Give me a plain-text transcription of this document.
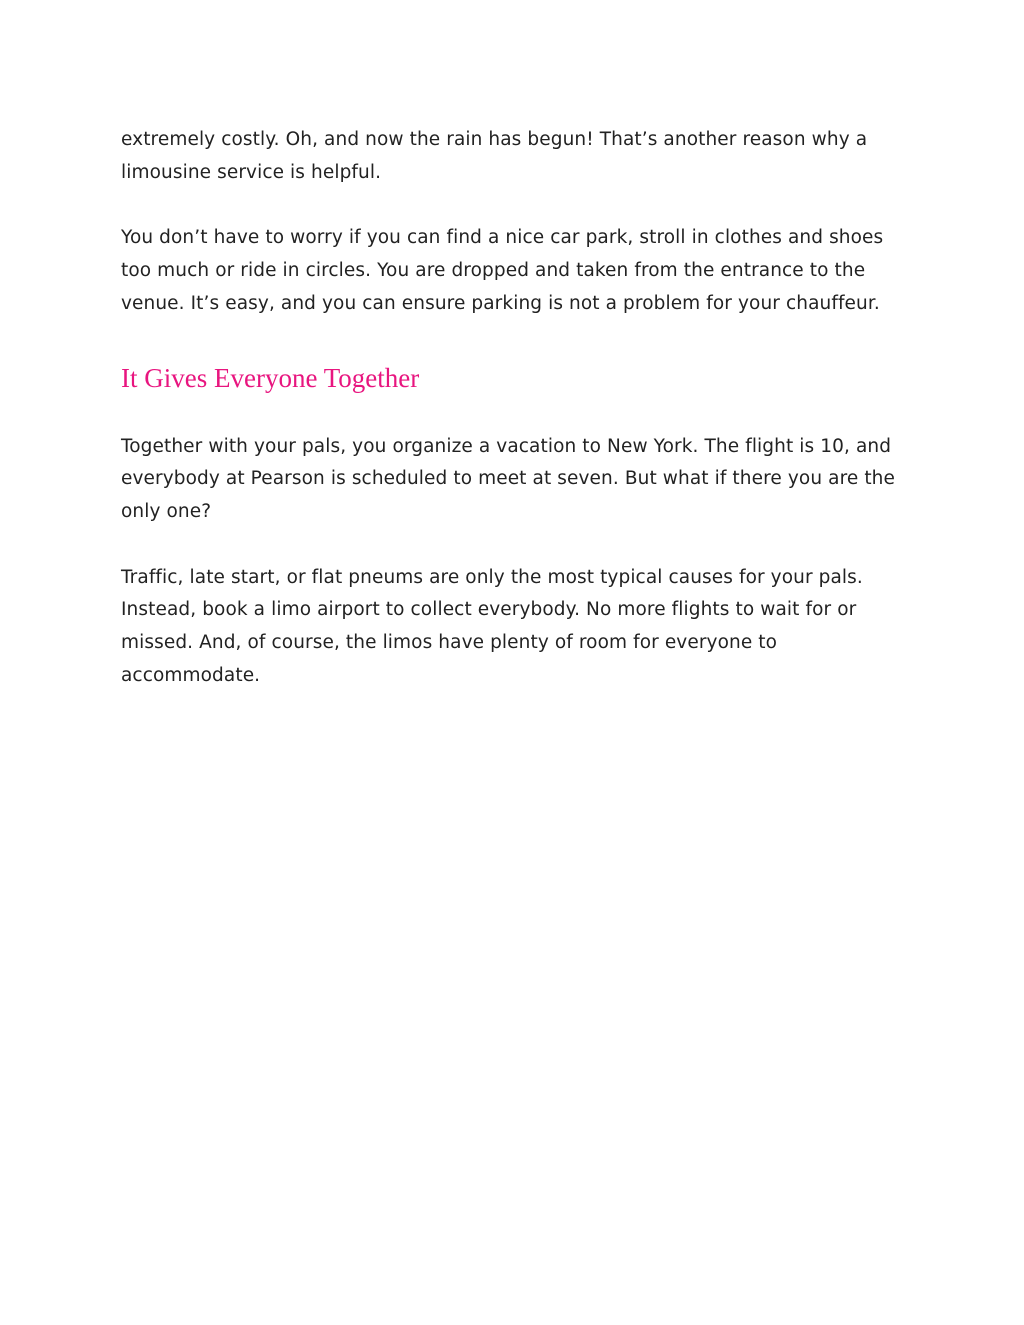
extremely costly. Oh, and now the rain has begun! That’s another reason why a limousine service is helpful.

You don’t have to worry if you can find a nice car park, stroll in clothes and shoes too much or ride in circles. You are dropped and taken from the entrance to the venue. It’s easy, and you can ensure parking is not a problem for your chauffeur.

It Gives Everyone Together

Together with your pals, you organize a vacation to New York. The flight is 10, and everybody at Pearson is scheduled to meet at seven. But what if there you are the only one?

Traffic, late start, or flat pneums are only the most typical causes for your pals. Instead, book a limo airport to collect everybody. No more flights to wait for or missed. And, of course, the limos have plenty of room for everyone to accommodate.
